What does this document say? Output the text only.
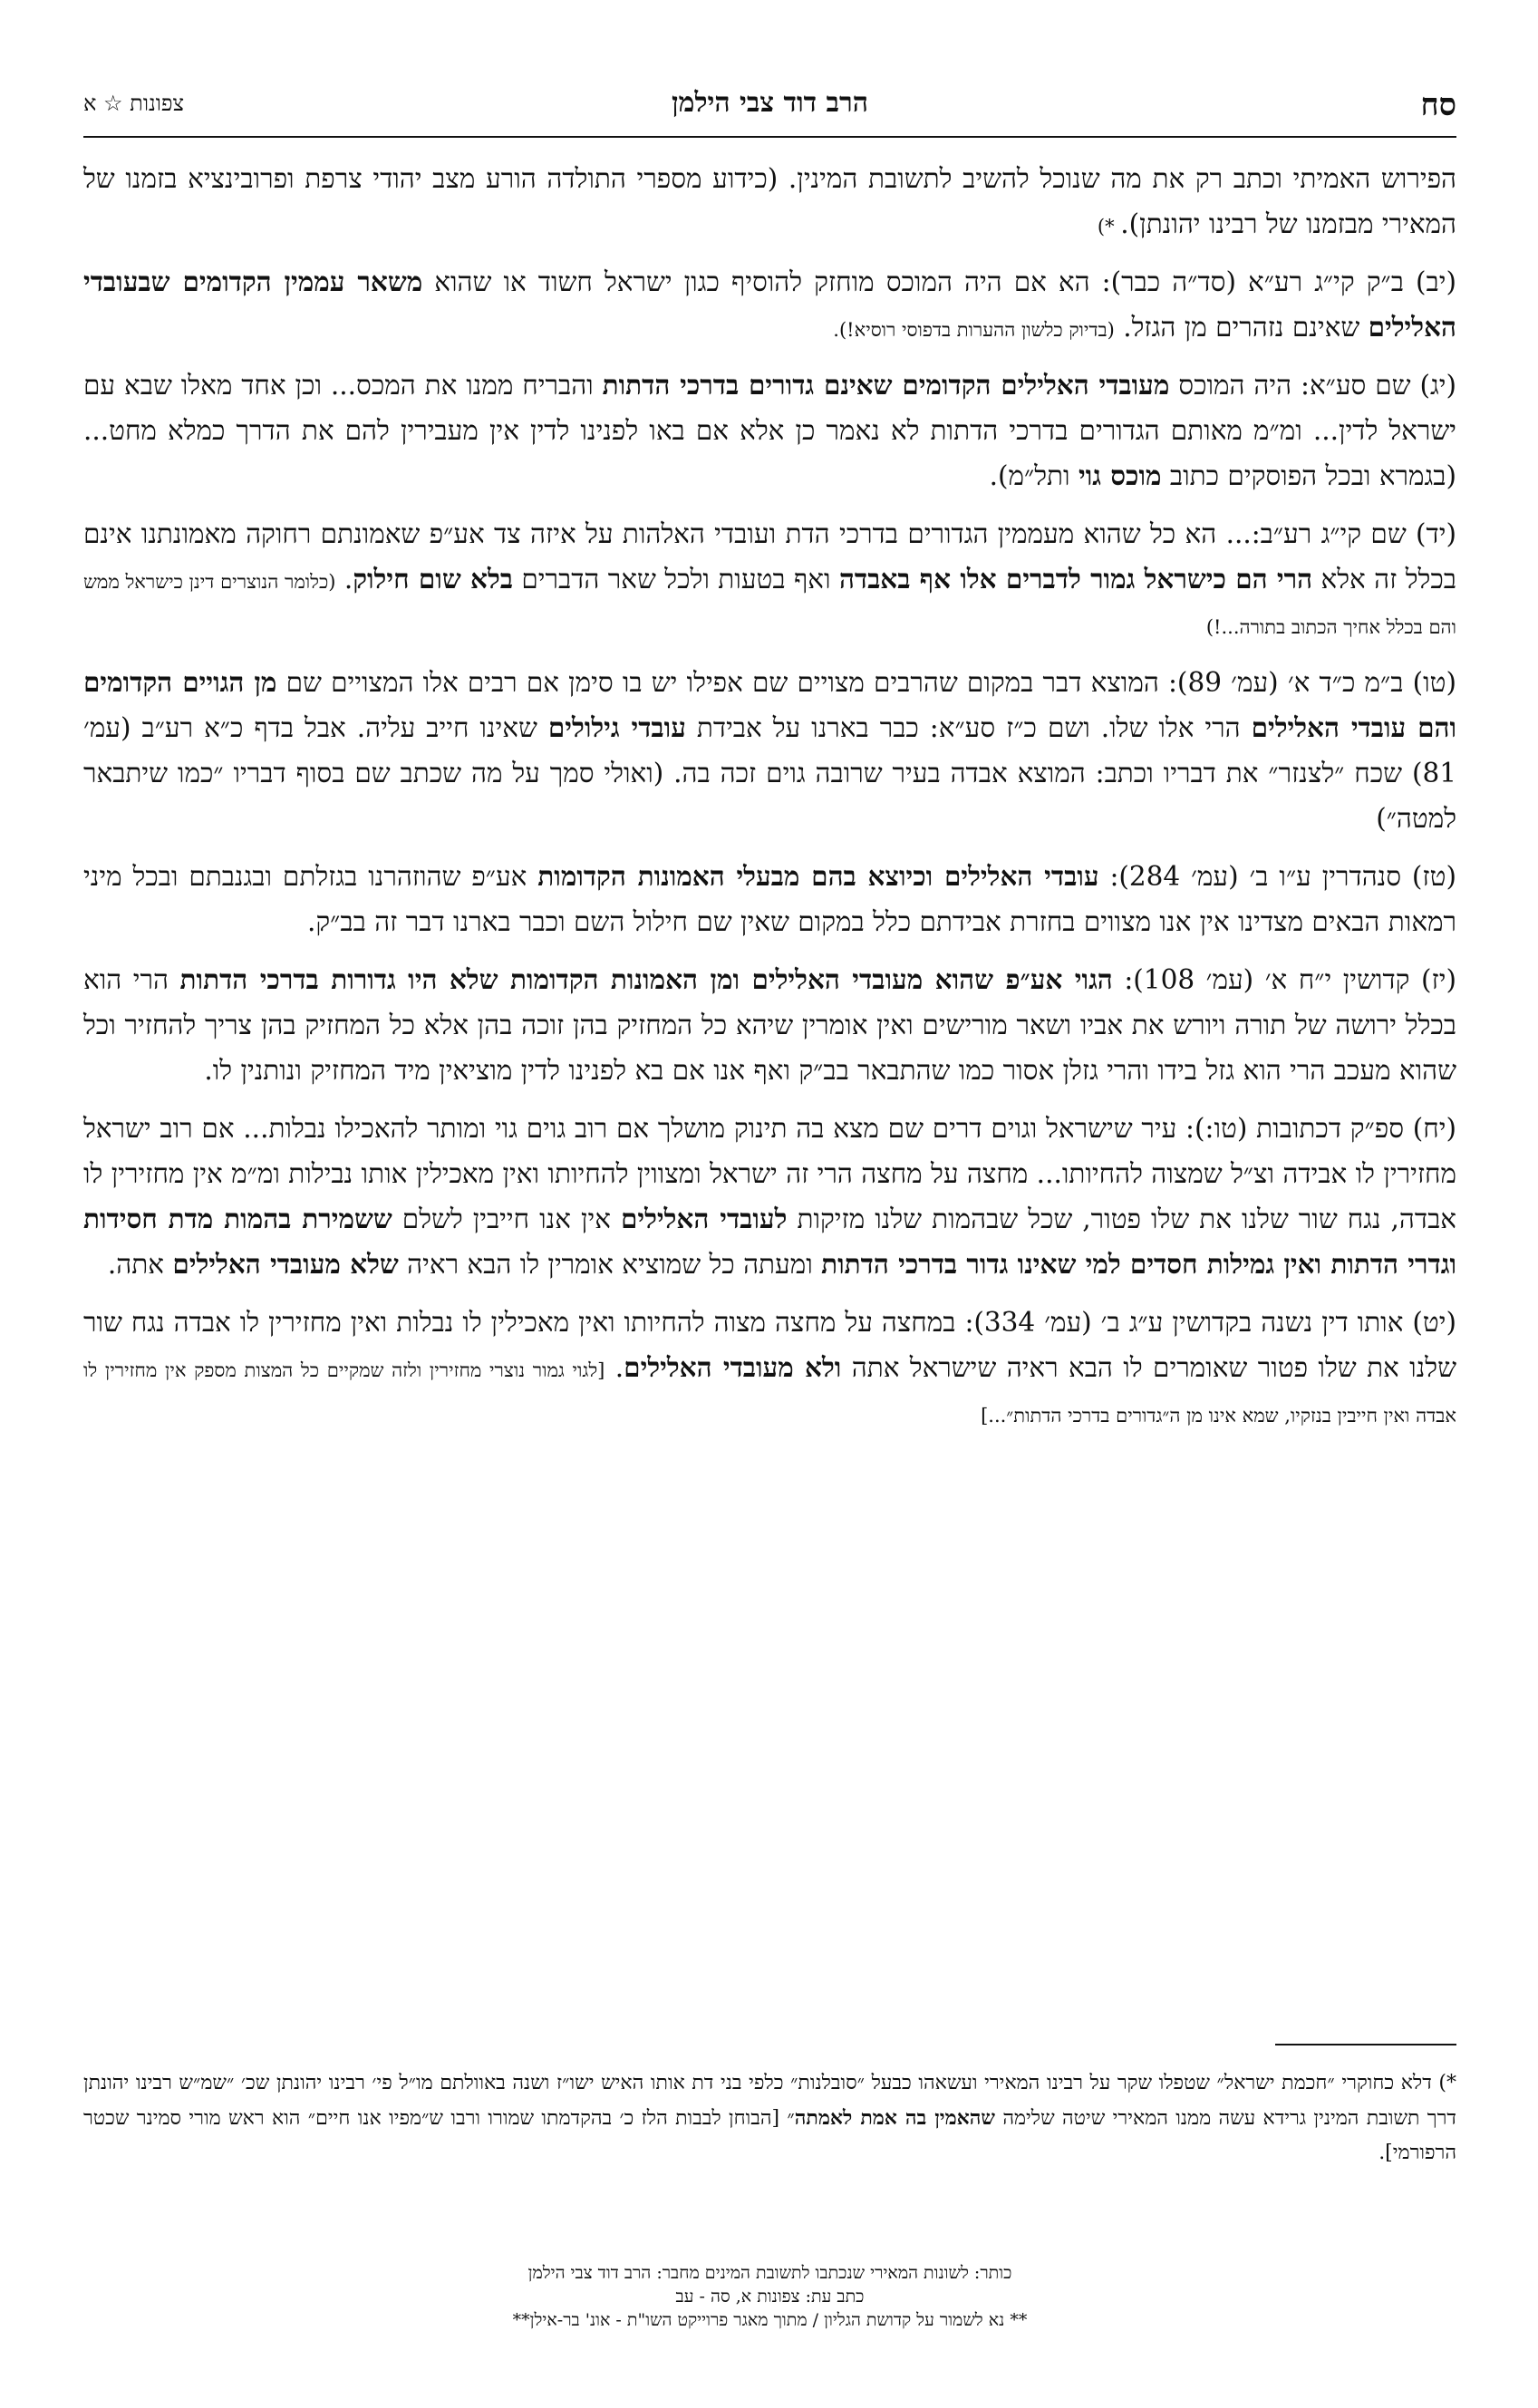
סח
הרב דוד צבי הילמן
צפונות ☆ א

הפירוש האמיתי וכתב רק את מה שנוכל להשיב לתשובת המינין. (כידוע מספרי התולדה הורע מצב יהודי צרפת ופרובינציא בזמנו של המאירי מבזמנו של רבינו יהונתן). *)

(יב) ב״ק קי״ג רע״א (סד״ה כבר): הא אם היה המוכס מוחזק להוסיף כגון ישראל חשוד או שהוא משאר עממין הקדומים שבעובדי האלילים שאינם נזהרים מן הגזל. (בדיוק כלשון ההערות בדפוסי רוסיא!).

(יג) שם סע״א: היה המוכס מעובדי האלילים הקדומים שאינם גדורים בדרכי הדתות והבריח ממנו את המכס... וכן אחד מאלו שבא עם ישראל לדין... ומ״מ מאותם הגדורים בדרכי הדתות לא נאמר כן אלא אם באו לפנינו לדין אין מעבירין להם את הדרך כמלא מחט... (בגמרא ובכל הפוסקים כתוב מוכס גוי ותל״מ).

(יד) שם קי״ג רע״ב:... הא כל שהוא מעממין הגדורים בדרכי הדת ועובדי האלהות על איזה צד אע״פ שאמונתם רחוקה מאמונתנו אינם בכלל זה אלא הרי הם כישראל גמור לדברים אלו אף באבדה ואף בטעות ולכל שאר הדברים בלא שום חילוק. (כלומר הנוצרים דינן כישראל ממש והם בכלל אחיך הכתוב בתורה...!)

(טו) ב״מ כ״ד א׳ (עמ׳ 89): המוצא דבר במקום שהרבים מצויים שם אפילו יש בו סימן אם רבים אלו המצויים שם מן הגויים הקדומים והם עובדי האלילים הרי אלו שלו. ושם כ״ז סע״א: כבר בארנו על אבידת עובדי גילולים שאינו חייב עליה. אבל בדף כ״א רע״ב (עמ׳ 81) שכח ״לצנזר״ את דבריו וכתב: המוצא אבדה בעיר שרובה גוים זכה בה. (ואולי סמך על מה שכתב שם בסוף דבריו ״כמו שיתבאר למטה״)

(טז) סנהדרין ע״ו ב׳ (עמ׳ 284): עובדי האלילים וכיוצא בהם מבעלי האמונות הקדומות אע״פ שהוזהרנו בגזלתם ובגנבתם ובכל מיני רמאות הבאים מצדינו אין אנו מצווים בחזרת אבידתם כלל במקום שאין שם חילול השם וכבר בארנו דבר זה בב״ק.

(יז) קדושין י״ח א׳ (עמ׳ 108): הגוי אע״פ שהוא מעובדי האלילים ומן האמונות הקדומות שלא היו גדורות בדרכי הדתות הרי הוא בכלל ירושה של תורה ויורש את אביו ושאר מורישים ואין אומרין שיהא כל המחזיק בהן זוכה בהן אלא כל המחזיק בהן צריך להחזיר וכל שהוא מעכב הרי הוא גזל בידו והרי גזלן אסור כמו שהתבאר בב״ק ואף אנו אם בא לפנינו לדין מוציאין מיד המחזיק ונותנין לו.

(יח) ספ״ק דכתובות (טו:): עיר שישראל וגוים דרים שם מצא בה תינוק מושלך אם רוב גוים גוי ומותר להאכילו נבלות... אם רוב ישראל מחזירין לו אבידה וצ״ל שמצוה להחיותו... מחצה על מחצה הרי זה ישראל ומצווין להחיותו ואין מאכילין אותו נבילות ומ״מ אין מחזירין לו אבדה, נגח שור שלנו את שלו פטור, שכל שבהמות שלנו מזיקות לעובדי האלילים אין אנו חייבין לשלם ששמירת בהמות מדת חסידות וגדרי הדתות ואין גמילות חסדים למי שאינו גדור בדרכי הדתות ומעתה כל שמוציא אומרין לו הבא ראיה שלא מעובדי האלילים אתה.

(יט) אותו דין נשנה בקדושין ע״ג ב׳ (עמ׳ 334): במחצה על מחצה מצוה להחיותו ואין מאכילין לו נבלות ואין מחזירין לו אבדה נגח שור שלנו את שלו פטור שאומרים לו הבא ראיה שישראל אתה ולא מעובדי האלילים. [לגוי גמור נוצרי מחזירין ולזה שמקיים כל המצות מספק אין מחזירין לו אבדה ואין חייבין בנזקיו, שמא אינו מן ה״גדורים בדרכי הדתות״...]

*) דלא כחוקרי ״חכמת ישראל״ שטפלו שקר על רבינו המאירי ועשאהו כבעל ״סובלנות״ כלפי בני דת אותו האיש ישו״ז ושנה באוולתם מו״ל פי׳ רבינו יהונתן שכ׳ ״שמ״ש רבינו יהונתן דרך תשובת המינין גרידא עשה ממנו המאירי שיטה שלימה שהאמין בה אמת לאמתה״ [הבוחן לבבות הלז כ׳ בהקדמתו שמורו ורבו ש״מפיו אנו חיים״ הוא ראש מורי סמינר שכטר הרפורמי].
כותר: לשונות המאירי שנכתבו לתשובת המינים מחבר: הרב דוד צבי הילמן
כתב עת: צפונות א, סה - עב
** נא לשמור על קדושת הגליון / מתוך מאגר פרוייקט השו"ת - אונ' בר-אילן**
